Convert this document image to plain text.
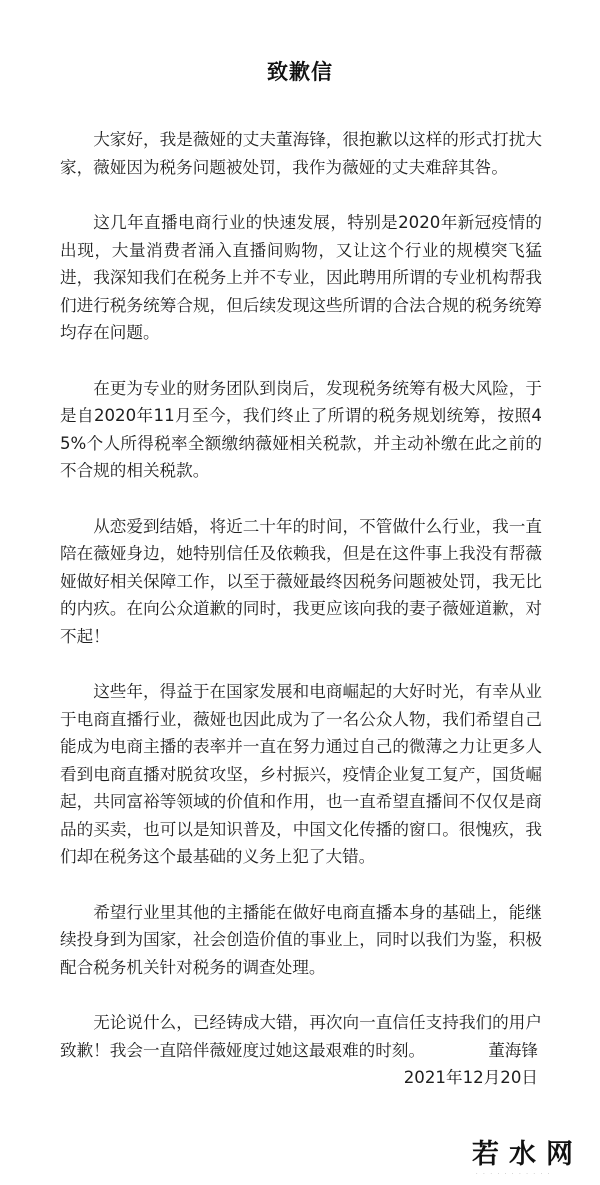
致歉信

大家好，我是薇娅的丈夫董海锋，很抱歉以这样的形式打扰大家，薇娅因为税务问题被处罚，我作为薇娅的丈夫难辞其咎。

这几年直播电商行业的快速发展，特别是2020年新冠疫情的出现，大量消费者涌入直播间购物，又让这个行业的规模突飞猛进，我深知我们在税务上并不专业，因此聘用所谓的专业机构帮我们进行税务统筹合规，但后续发现这些所谓的合法合规的税务统筹均存在问题。

在更为专业的财务团队到岗后，发现税务统筹有极大风险，于是自2020年11月至今，我们终止了所谓的税务规划统筹，按照45%个人所得税率全额缴纳薇娅相关税款，并主动补缴在此之前的不合规的相关税款。

从恋爱到结婚，将近二十年的时间，不管做什么行业，我一直陪在薇娅身边，她特别信任及依赖我，但是在这件事上我没有帮薇娅做好相关保障工作，以至于薇娅最终因税务问题被处罚，我无比的内疚。在向公众道歉的同时，我更应该向我的妻子薇娅道歉，对不起！

这些年，得益于在国家发展和电商崛起的大好时光，有幸从业于电商直播行业，薇娅也因此成为了一名公众人物，我们希望自己能成为电商主播的表率并一直在努力通过自己的微薄之力让更多人看到电商直播对脱贫攻坚，乡村振兴，疫情企业复工复产，国货崛起，共同富裕等领域的价值和作用，也一直希望直播间不仅仅是商品的买卖，也可以是知识普及，中国文化传播的窗口。很愧疚，我们却在税务这个最基础的义务上犯了大错。

希望行业里其他的主播能在做好电商直播本身的基础上，能继续投身到为国家，社会创造价值的事业上，同时以我们为鉴，积极配合税务机关针对税务的调查处理。

无论说什么，已经铸成大错，再次向一直信任支持我们的用户致歉！我会一直陪伴薇娅度过她这最艰难的时刻。	董海锋
2021年12月20日
若水网
· · · · · · · · · · ·
